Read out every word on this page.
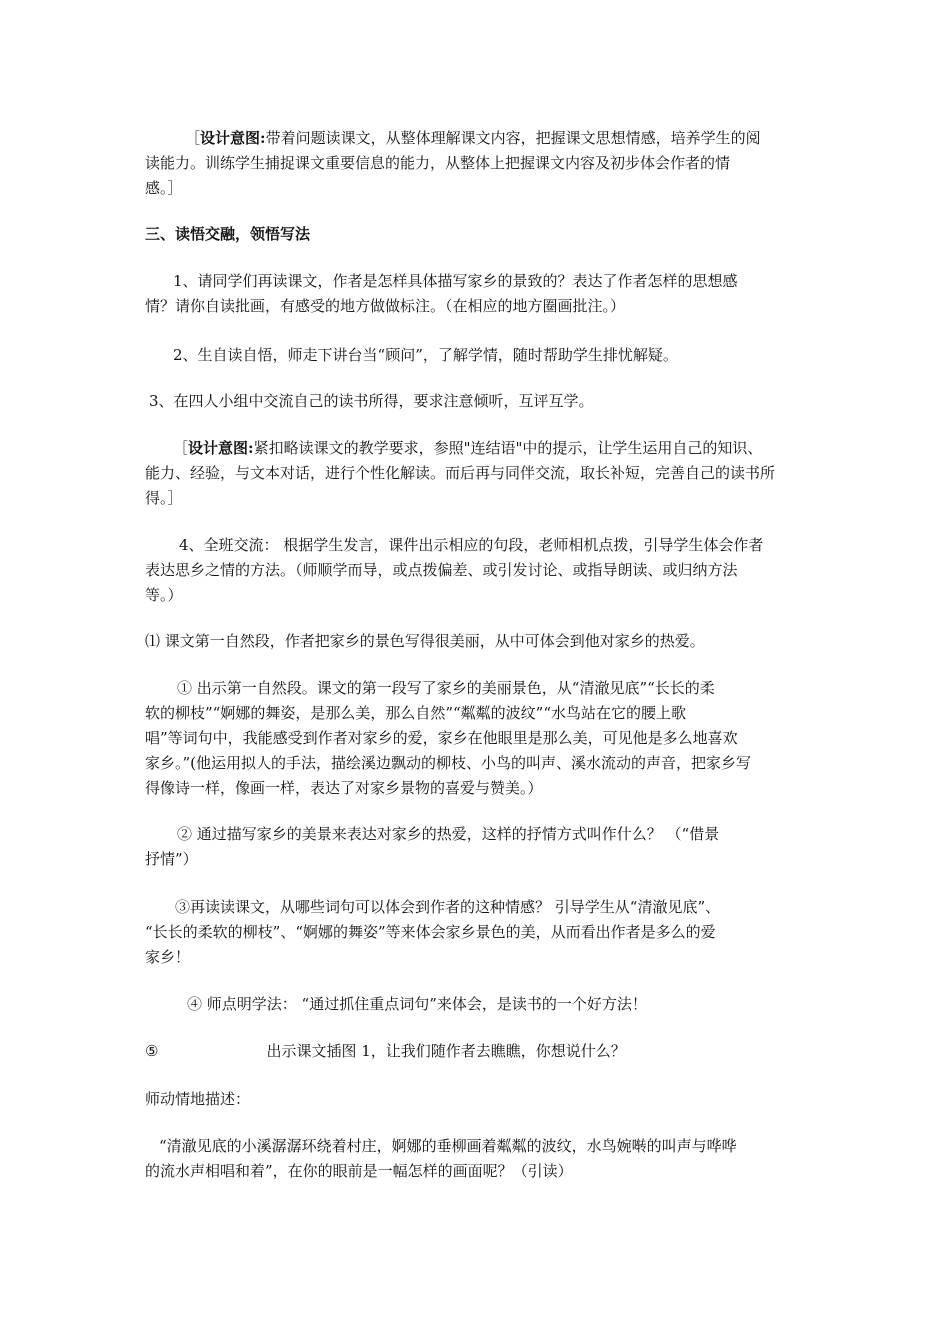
［设计意图:带着问题读课文，从整体理解课文内容，把握课文思想情感，培养学生的阅
读能力。训练学生捕捉课文重要信息的能力，从整体上把握课文内容及初步体会作者的情
感。］
三、读悟交融，领悟写法
1、请同学们再读课文，作者是怎样具体描写家乡的景致的？表达了作者怎样的思想感
情？请你自读批画，有感受的地方做做标注。（在相应的地方圈画批注。）
2、生自读自悟，师走下讲台当“顾问”，了解学情，随时帮助学生排忧解疑。
3、在四人小组中交流自己的读书所得，要求注意倾听，互评互学。
［设计意图:紧扣略读课文的教学要求，参照"连结语"中的提示，让学生运用自己的知识、
能力、经验，与文本对话，进行个性化解读。而后再与同伴交流，取长补短，完善自己的读书所
得。］
4、全班交流： 根据学生发言，课件出示相应的句段，老师相机点拨，引导学生体会作者
表达思乡之情的方法。（师顺学而导，或点拨偏差、或引发讨论、或指导朗读、或归纳方法
等。）
⑴ 课文第一自然段，作者把家乡的景色写得很美丽，从中可体会到他对家乡的热爱。
① 出示第一自然段。课文的第一段写了家乡的美丽景色，从“清澈见底”“长长的柔
软的柳枝”“婀娜的舞姿，是那么美，那么自然”“粼粼的波纹”“水鸟站在它的腰上歌
唱”等词句中，我能感受到作者对家乡的爱，家乡在他眼里是那么美，可见他是多么地喜欢
家乡。”(他运用拟人的手法，描绘溪边飘动的柳枝、小鸟的叫声、溪水流动的声音，把家乡写
得像诗一样，像画一样，表达了对家乡景物的喜爱与赞美。）
② 通过描写家乡的美景来表达对家乡的热爱，这样的抒情方式叫作什么？ （“借景
抒情”）
③再读读课文，从哪些词句可以体会到作者的这种情感？ 引导学生从“清澈见底”、
“长长的柔软的柳枝”、“婀娜的舞姿”等来体会家乡景色的美，从而看出作者是多么的爱
家乡！
④ 师点明学法： “通过抓住重点词句”来体会，是读书的一个好方法！
⑤	出示课文插图 1，让我们随作者去瞧瞧，你想说什么？
师动情地描述：
“清澈见底的小溪潺潺环绕着村庄，婀娜的垂柳画着粼粼的波纹，水鸟婉啭的叫声与哗哗
的流水声相唱和着”，在你的眼前是一幅怎样的画面呢？（引读）
